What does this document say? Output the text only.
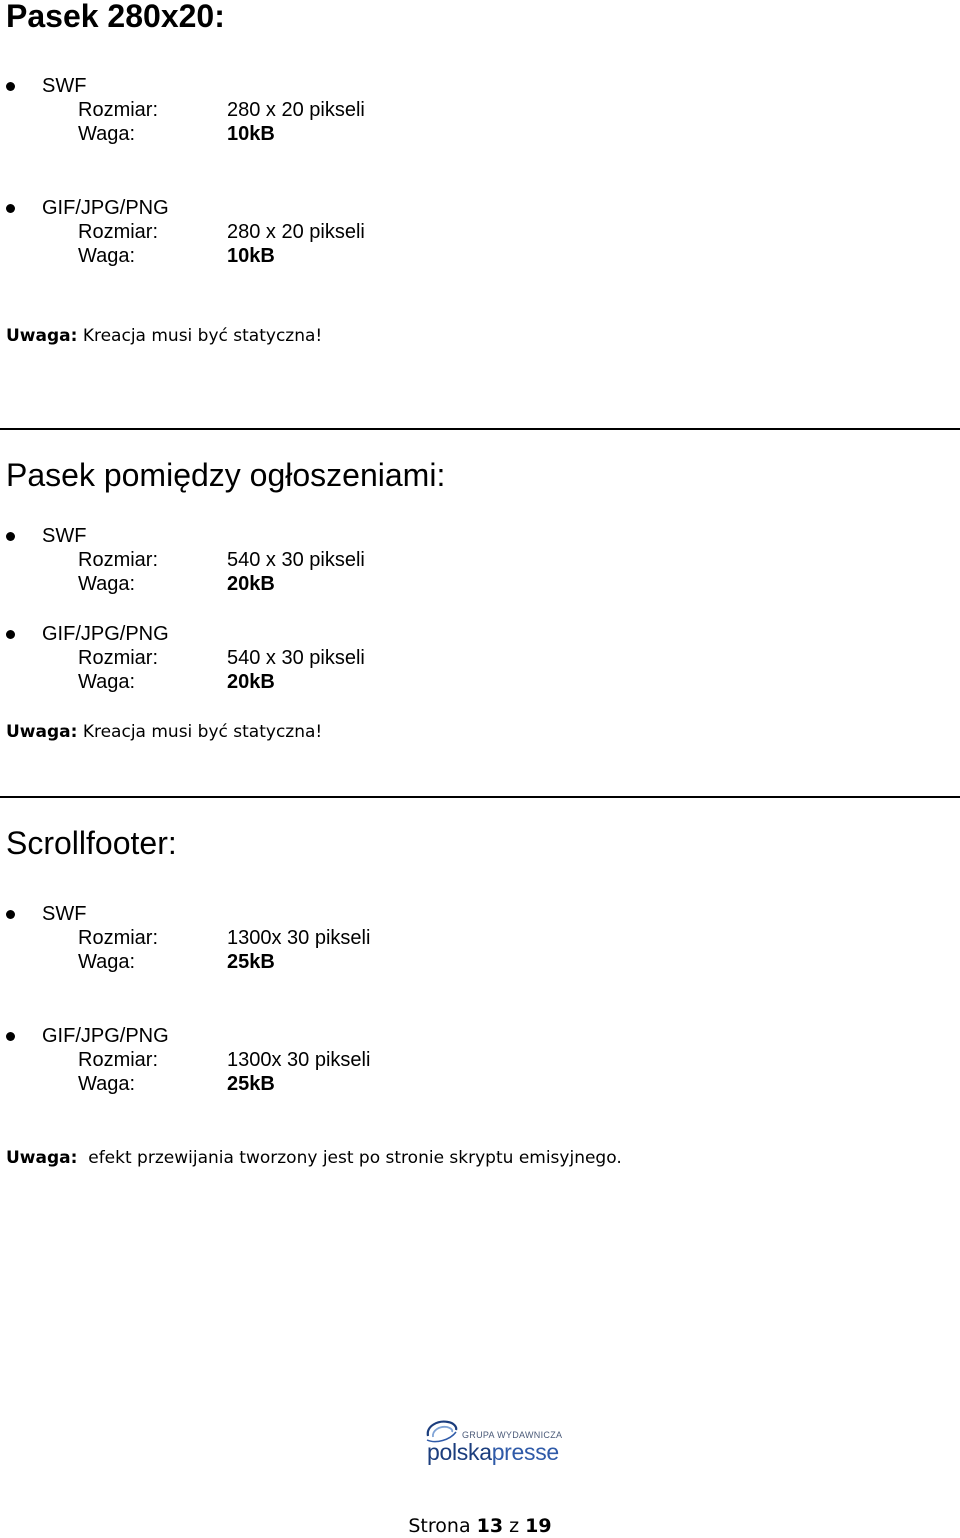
Pasek 280x20:
SWF
Rozmiar:	280 x 20 pikseli
Waga:	10kB
GIF/JPG/PNG
Rozmiar:	280 x 20 pikseli
Waga:	10kB
Uwaga: Kreacja musi być statyczna!
Pasek pomiędzy ogłoszeniami:
SWF
Rozmiar:	540 x 30 pikseli
Waga:	20kB
GIF/JPG/PNG
Rozmiar:	540 x 30 pikseli
Waga:	20kB
Uwaga: Kreacja musi być statyczna!
Scrollfooter:
SWF
Rozmiar:	1300x 30 pikseli
Waga:	25kB
GIF/JPG/PNG
Rozmiar:	1300x 30 pikseli
Waga:	25kB
Uwaga: efekt przewijania tworzony jest po stronie skryptu emisyjnego.
GRUPA WYDAWNICZA
polskapresse
Strona 13 z 19
